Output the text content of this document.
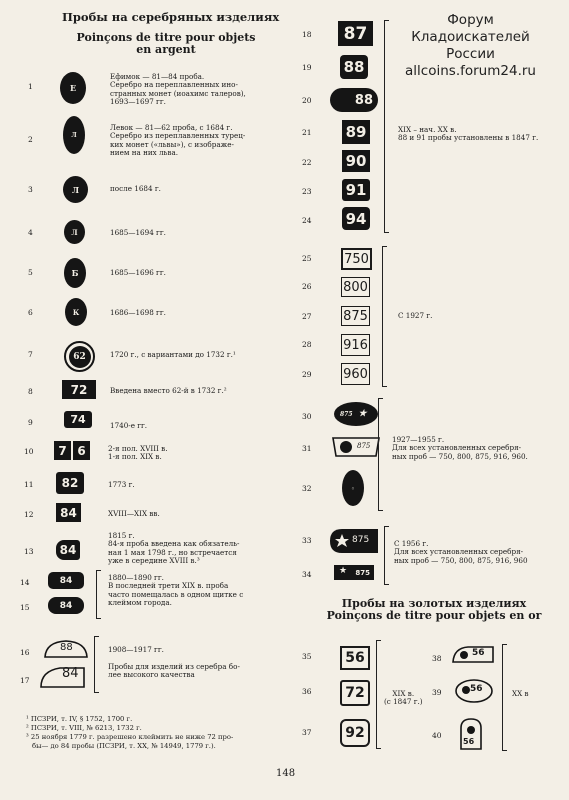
Форум
Кладоискателей
России
allcoins.forum24.ru
Пробы на серебряных изделиях
Poinçons de titre pour objets
en argent
1
2
3
4
5
6
7
8
9
10
11
12
13
14
15
16
17
Е
Л
Л
Л
Б
К
62
72
74
7 6
82
84
84
84
84
88
84
Ефимок — 81—84 проба.
Серебро на переплавленных ино-
странных монет (иоахимс талеров),
1693—1697 гг.
Левок — 81—62 проба, с 1684 г.
Серебро из переплавленных турец-
ких монет («львы»), с изображе-
нием на них льва.
после 1684 г.
1685—1694 гг.
1685—1696 гг.
1686—1698 гг.
1720 г., с вариантами до 1732 г.¹
Введена вместо 62-й в 1732 г.²
1740-е гг.
2-я пол. XVIII в.
1-я пол. XIX в.
1773 г.
XVIII—XIX вв.
1815 г.
84-я проба введена как обязатель-
ная 1 мая 1798 г., но встречается
уже в середине XVIII в.³
1880—1890 гг.
В последней трети XIX в. проба
часто помещалась в одном щитке с
клеймом города.
1908—1917 гг.

Пробы для изделий из серебра бо-
лее высокого качества
¹ ПСЗРИ, т. IV, § 1752, 1700 г.
² ПСЗРИ, т. VIII, № 6213, 1732 г.
³ 25 ноября 1779 г. разрешено клеймить не ниже 72 про-
бы— до 84 пробы (ПСЗРИ, т. XX, № 14949, 1779 г.).
148
18
19
20
21
22
23
24
25
26
27
28
29
30
31
32
33
34
87
88
88
89
90
91
94
XIX – нач. XX в.
88 и 91 пробы установлены в 1847 г.
750
800
875
916
960
С 1927 г.
875 ★
875
◦
1927—1955 г.
Для всех установленных серебря-
ных проб — 750, 800, 875, 916, 960.
875
★ 875
С 1956 г.
Для всех установленных серебря-
ных проб — 750, 800, 875, 916, 960
Пробы на золотых изделиях
Poinçons de titre pour objets en or
35
36
37
38
39
40
56
72
92
XIX в.
(с 1847 г.)
56
56
56
XX в
